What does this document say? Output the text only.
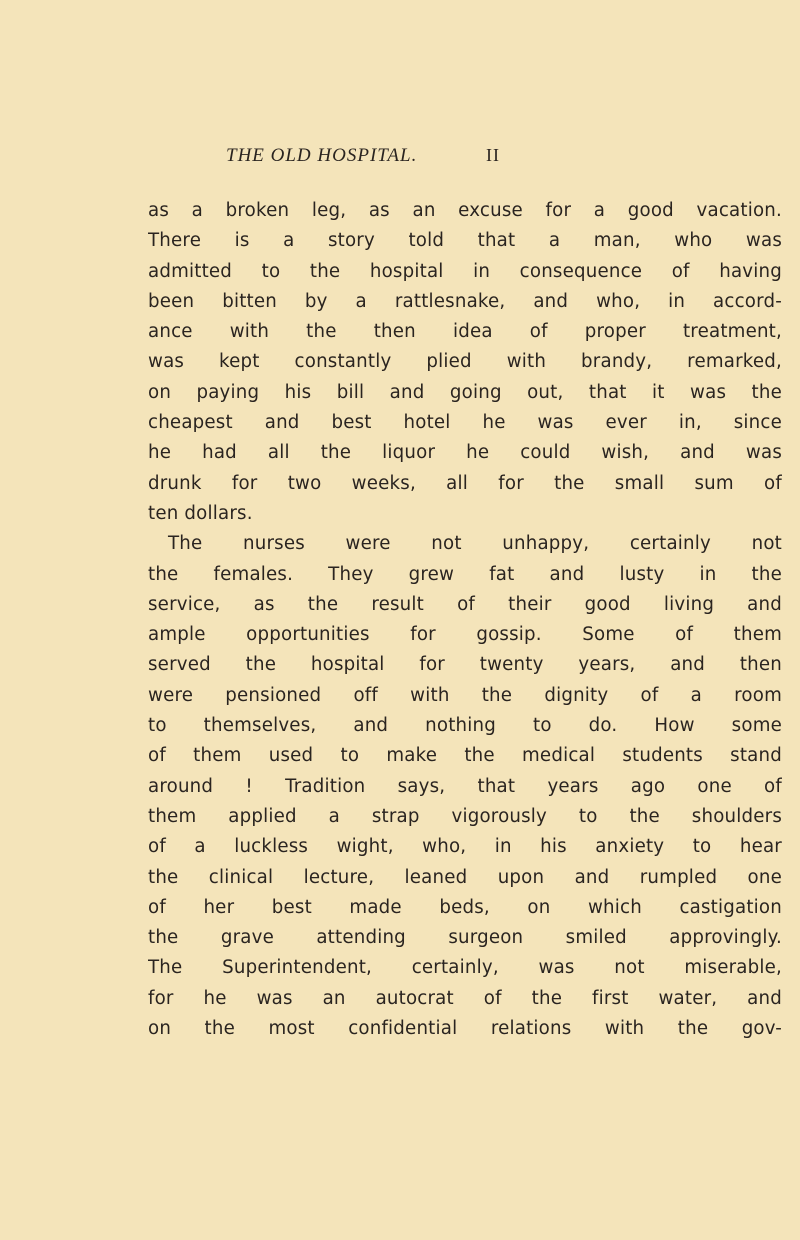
THE OLD HOSPITAL.	II
as a broken leg, as an excuse for a good vacation.
There is a story told that a man, who was
admitted to the hospital in consequence of having
been bitten by a rattlesnake, and who, in accord-
ance with the then idea of proper treatment,
was kept constantly plied with brandy, remarked,
on paying his bill and going out, that it was the
cheapest and best hotel he was ever in, since
he had all the liquor he could wish, and was
drunk for two weeks, all for the small sum of
ten dollars.
The nurses were not unhappy, certainly not
the females. They grew fat and lusty in the
service, as the result of their good living and
ample opportunities for gossip. Some of them
served the hospital for twenty years, and then
were pensioned off with the dignity of a room
to themselves, and nothing to do. How some
of them used to make the medical students stand
around ! Tradition says, that years ago one of
them applied a strap vigorously to the shoulders
of a luckless wight, who, in his anxiety to hear
the clinical lecture, leaned upon and rumpled one
of her best made beds, on which castigation
the grave attending surgeon smiled approvingly.
The Superintendent, certainly, was not miserable,
for he was an autocrat of the first water, and
on the most confidential relations with the gov-
